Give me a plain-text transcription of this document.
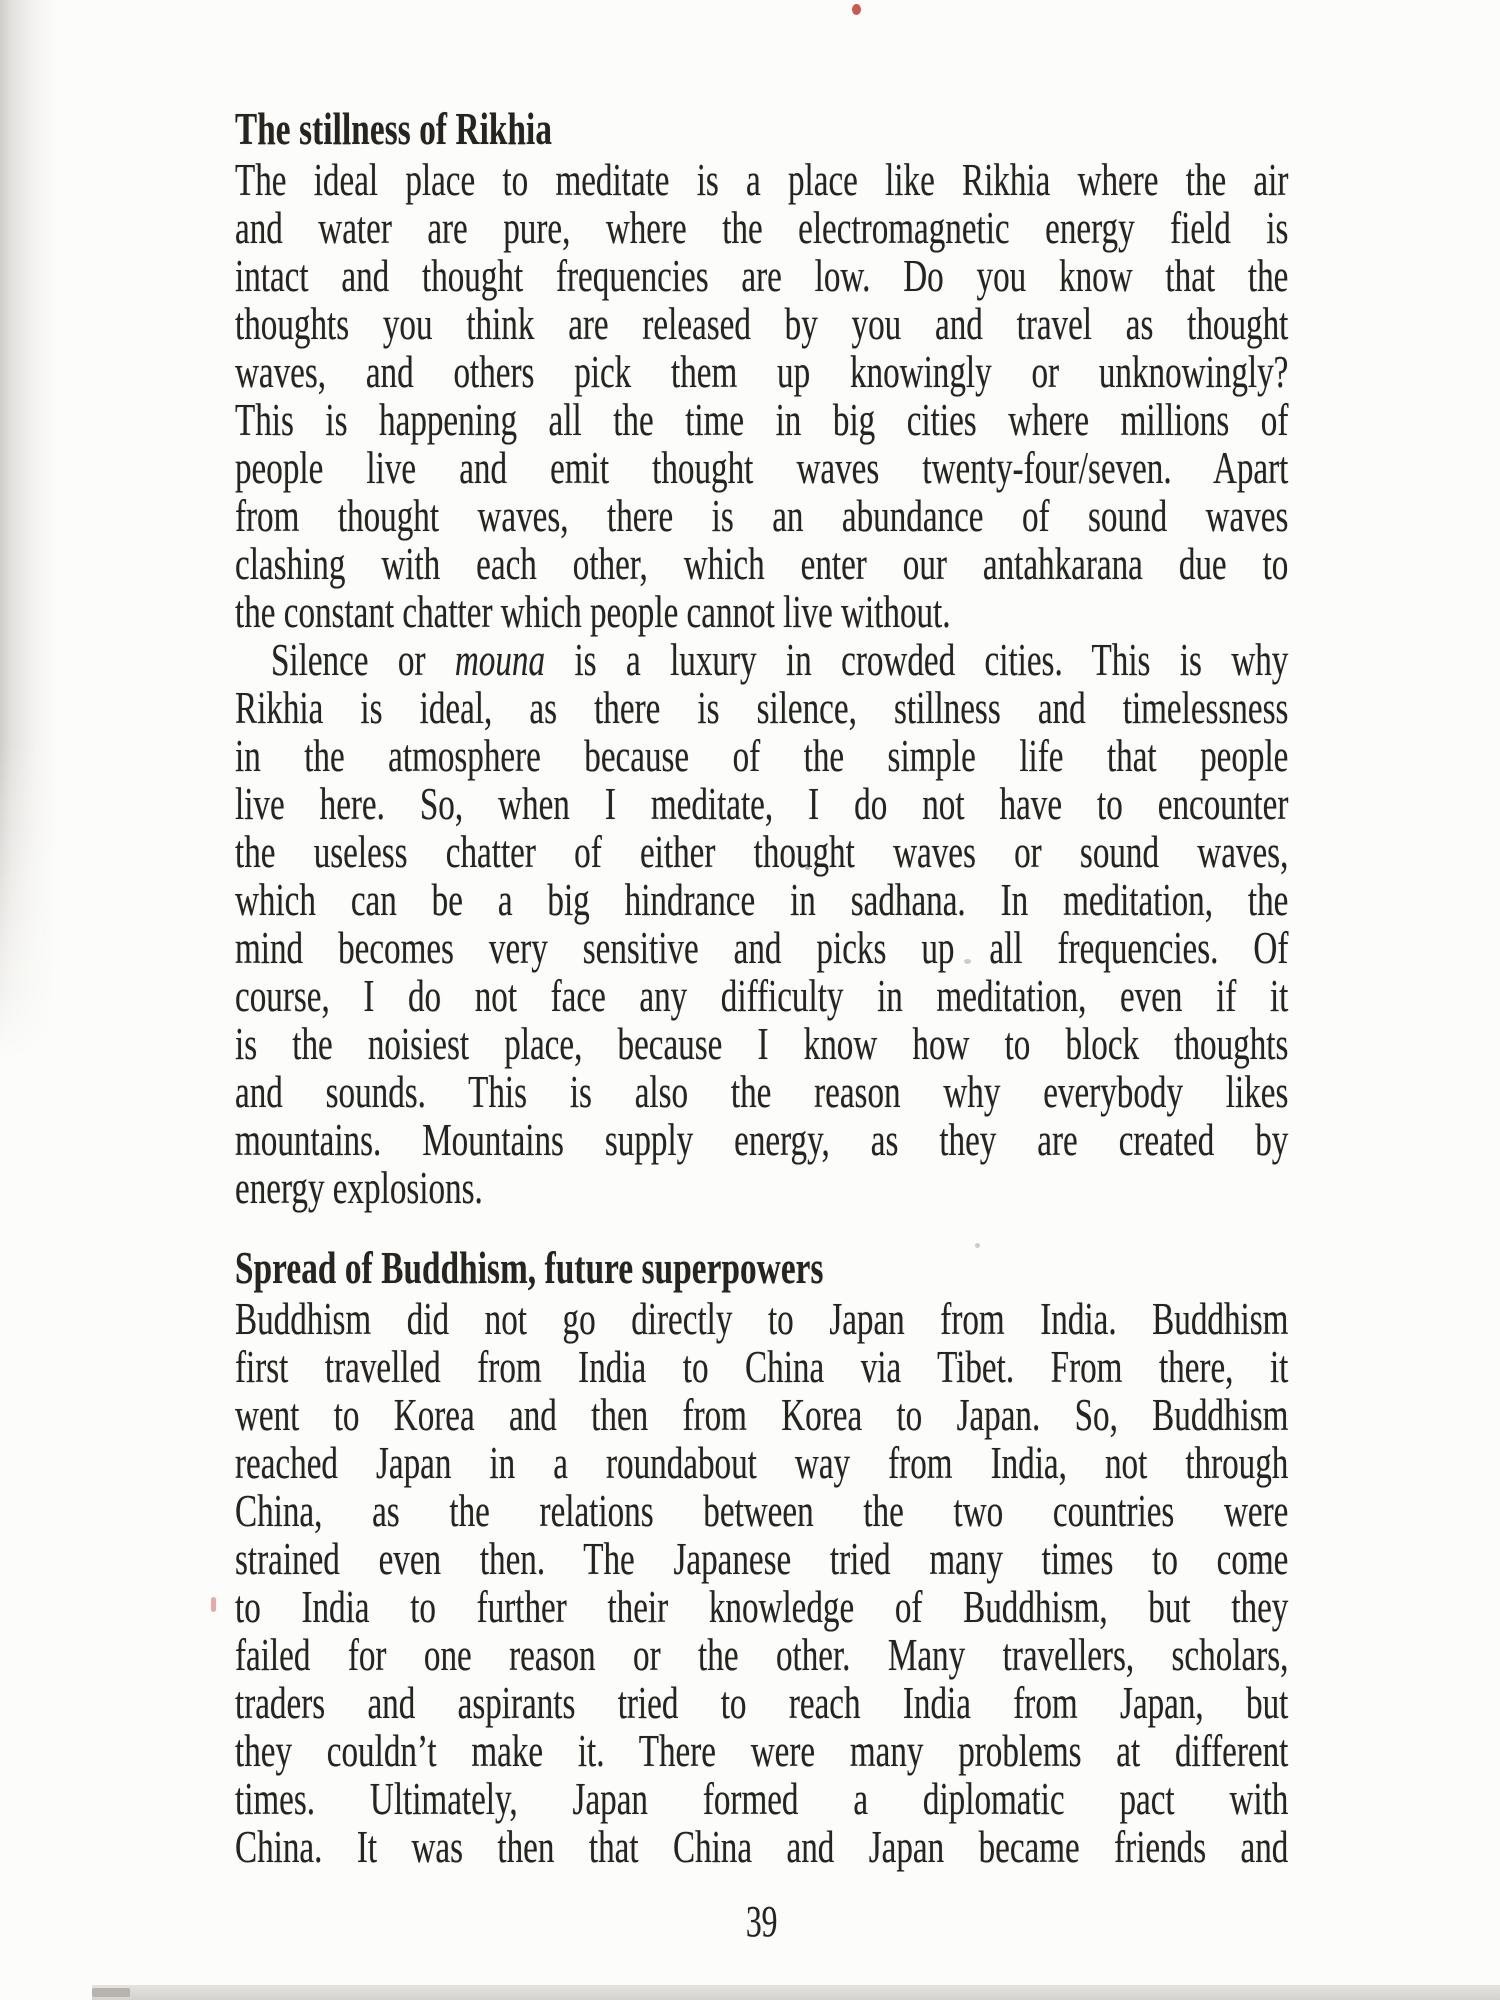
The stillness of Rikhia
The ideal place to meditate is a place like Rikhia where the air
and water are pure, where the electromagnetic energy field is
intact and thought frequencies are low. Do you know that the
thoughts you think are released by you and travel as thought
waves, and others pick them up knowingly or unknowingly?
This is happening all the time in big cities where millions of
people live and emit thought waves twenty-four/seven. Apart
from thought waves, there is an abundance of sound waves
clashing with each other, which enter our antahkarana due to
the constant chatter which people cannot live without.
Silence or mouna is a luxury in crowded cities. This is why
Rikhia is ideal, as there is silence, stillness and timelessness
in the atmosphere because of the simple life that people
live here. So, when I meditate, I do not have to encounter
the useless chatter of either thought waves or sound waves,
which can be a big hindrance in sadhana. In meditation, the
mind becomes very sensitive and picks up all frequencies. Of
course, I do not face any difficulty in meditation, even if it
is the noisiest place, because I know how to block thoughts
and sounds. This is also the reason why everybody likes
mountains. Mountains supply energy, as they are created by
energy explosions.
Spread of Buddhism, future superpowers
Buddhism did not go directly to Japan from India. Buddhism
first travelled from India to China via Tibet. From there, it
went to Korea and then from Korea to Japan. So, Buddhism
reached Japan in a roundabout way from India, not through
China, as the relations between the two countries were
strained even then. The Japanese tried many times to come
to India to further their knowledge of Buddhism, but they
failed for one reason or the other. Many travellers, scholars,
traders and aspirants tried to reach India from Japan, but
they couldn’t make it. There were many problems at different
times. Ultimately, Japan formed a diplomatic pact with
China. It was then that China and Japan became friends and
39
